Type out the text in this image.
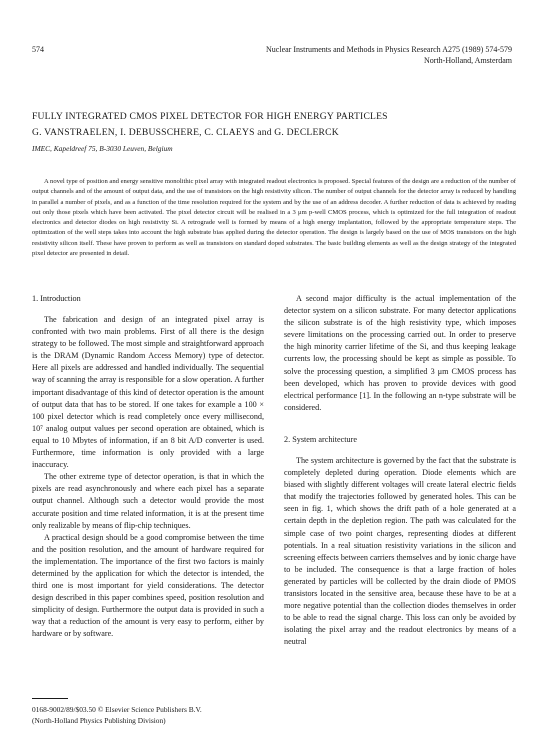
574	Nuclear Instruments and Methods in Physics Research A275 (1989) 574-579
North-Holland, Amsterdam
FULLY INTEGRATED CMOS PIXEL DETECTOR FOR HIGH ENERGY PARTICLES
G. VANSTRAELEN, I. DEBUSSCHERE, C. CLAEYS and G. DECLERCK
IMEC, Kapeldreef 75, B-3030 Leuven, Belgium

A novel type of position and energy sensitive monolithic pixel array with integrated readout electronics is proposed. Special features of the design are a reduction of the number of output channels and of the amount of output data, and the use of transistors on the high resistivity silicon. The number of output channels for the detector array is reduced by handling in parallel a number of pixels, and as a function of the time resolution required for the system and by the use of an address decoder. A further reduction of data is achieved by reading out only those pixels which have been activated. The pixel detector circuit will be realised in a 3 μm p-well CMOS process, which is optimized for the full integration of readout electronics and detector diodes on high resistivity Si. A retrograde well is formed by means of a high energy implantation, followed by the appropriate temperature steps. The optimization of the well steps takes into account the high substrate bias applied during the detector operation. The design is largely based on the use of MOS transistors on the high resistivity silicon itself. These have proven to perform as well as transistors on standard doped substrates. The basic building elements as well as the design strategy of the integrated pixel detector are presented in detail.

1. Introduction

The fabrication and design of an integrated pixel array is confronted with two main problems. First of all there is the design strategy to be followed. The most simple and straightforward approach is the DRAM (Dynamic Random Access Memory) type of detector. Here all pixels are addressed and handled individually. The sequential way of scanning the array is responsible for a slow operation. A further important disadvantage of this kind of detector operation is the amount of output data that has to be stored. If one takes for example a 100 × 100 pixel detector which is read completely once every millisecond, 10⁷ analog output values per second operation are obtained, which is equal to 10 Mbytes of information, if an 8 bit A/D converter is used. Furthermore, time information is only provided with a large inaccuracy.

The other extreme type of detector operation, is that in which the pixels are read asynchronously and where each pixel has a separate output channel. Although such a detector would provide the most accurate position and time related information, it is at the present time only realizable by means of flip-chip techniques.

A practical design should be a good compromise between the time and the position resolution, and the amount of hardware required for the implementation. The importance of the first two factors is mainly determined by the application for which the detector is intended, the third one is most important for yield considerations. The detector design described in this paper combines speed, position resolution and simplicity of design. Furthermore the output data is provided in such a way that a reduction of the amount is very easy to perform, either by hardware or by software.

A second major difficulty is the actual implementation of the detector system on a silicon substrate. For many detector applications the silicon substrate is of the high resistivity type, which imposes severe limitations on the processing carried out. In order to preserve the high minority carrier lifetime of the Si, and thus keeping leakage currents low, the processing should be kept as simple as possible. To solve the processing question, a simplified 3 μm CMOS process has been developed, which has proven to provide devices with good electrical performance [1]. In the following an n-type substrate will be considered.

2. System architecture

The system architecture is governed by the fact that the substrate is completely depleted during operation. Diode elements which are biased with slightly different voltages will create lateral electric fields that modify the trajectories followed by generated holes. This can be seen in fig. 1, which shows the drift path of a hole generated at a certain depth in the depletion region. The path was calculated for the simple case of two point charges, representing diodes at different potentials. In a real situation resistivity variations in the silicon and screening effects between carriers themselves and by ionic charge have to be included. The consequence is that a large fraction of holes generated by particles will be collected by the drain diode of PMOS transistors located in the sensitive area, because these have to be at a more negative potential than the collection diodes themselves in order to be able to read the signal charge. This loss can only be avoided by isolating the pixel array and the readout electronics by means of a neutral

0168-9002/89/$03.50 © Elsevier Science Publishers B.V.
(North-Holland Physics Publishing Division)
